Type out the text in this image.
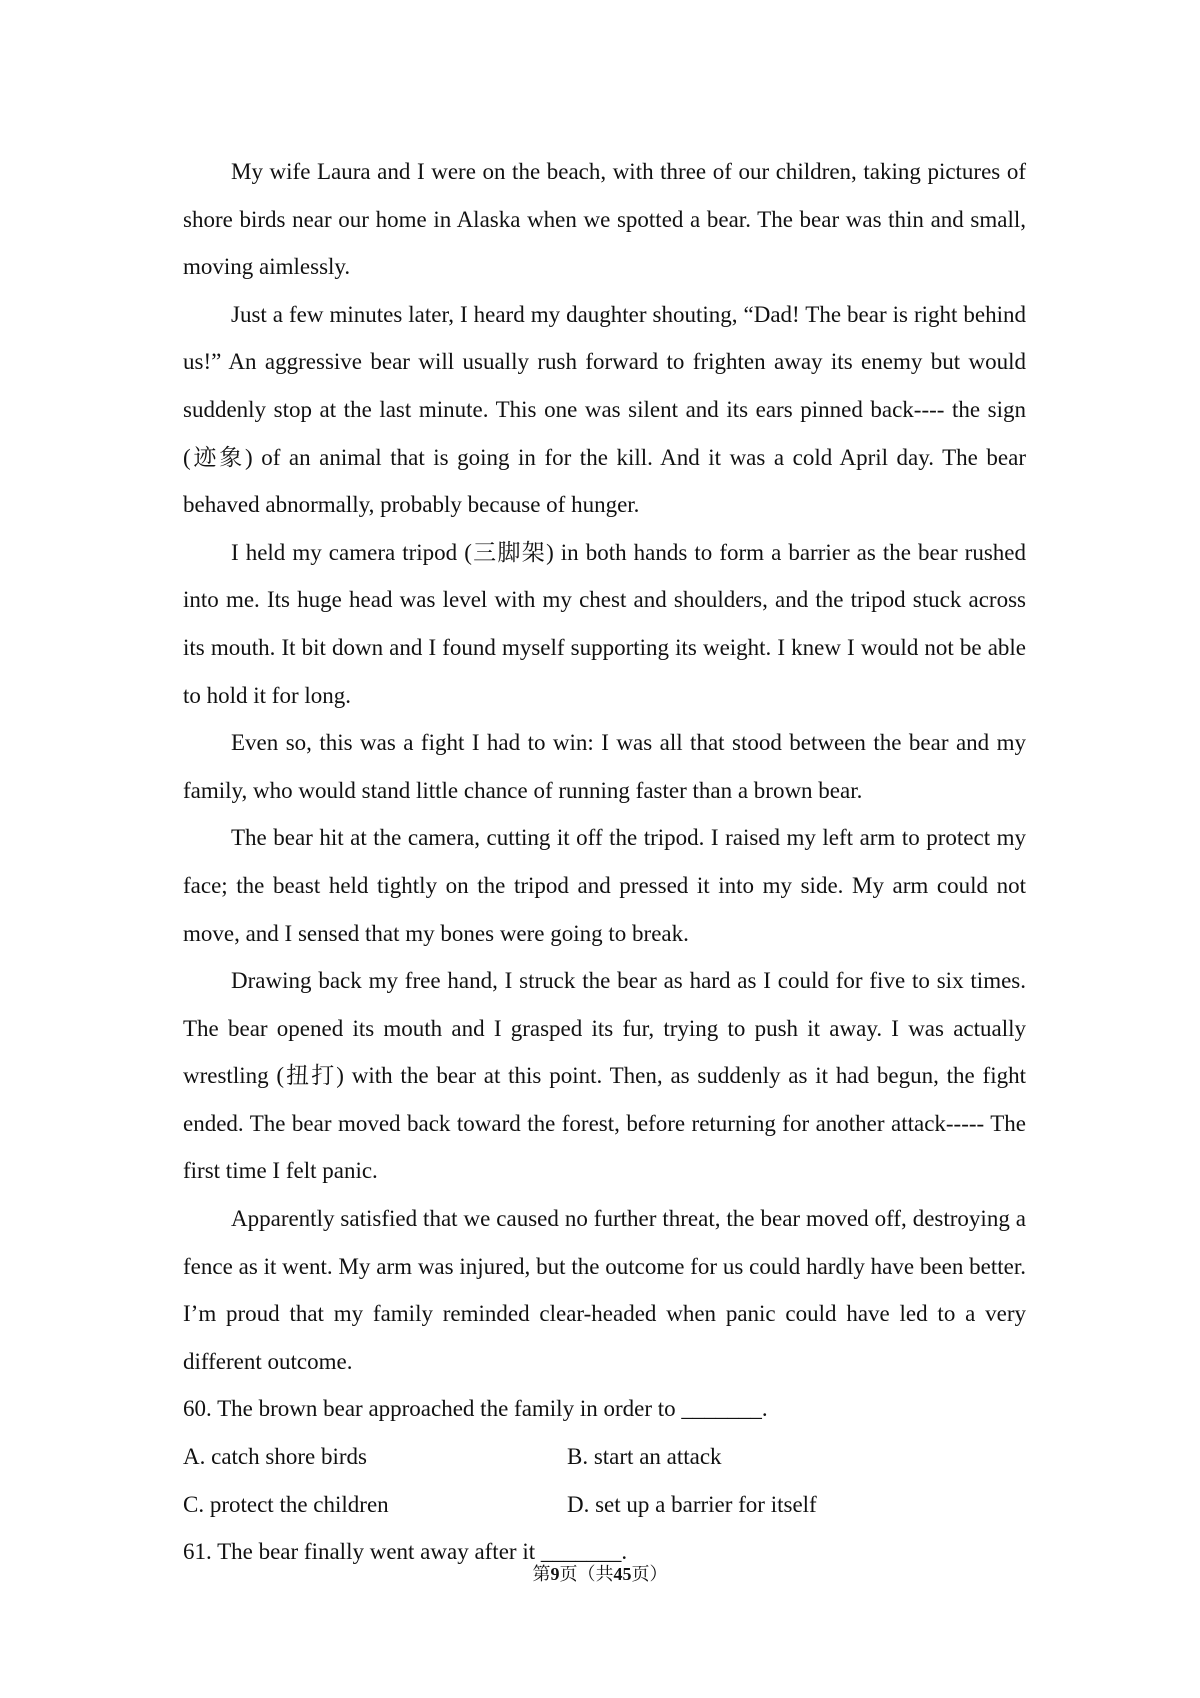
My wife Laura and I were on the beach, with three of our children, taking pictures of shore birds near our home in Alaska when we spotted a bear. The bear was thin and small, moving aimlessly.

Just a few minutes later, I heard my daughter shouting, “Dad! The bear is right behind us!” An aggressive bear will usually rush forward to frighten away its enemy but would suddenly stop at the last minute. This one was silent and its ears pinned back---- the sign (迹象) of an animal that is going in for the kill. And it was a cold April day. The bear behaved abnormally, probably because of hunger.

I held my camera tripod (三脚架) in both hands to form a barrier as the bear rushed into me. Its huge head was level with my chest and shoulders, and the tripod stuck across its mouth. It bit down and I found myself supporting its weight. I knew I would not be able to hold it for long.

Even so, this was a fight I had to win: I was all that stood between the bear and my family, who would stand little chance of running faster than a brown bear.

The bear hit at the camera, cutting it off the tripod. I raised my left arm to protect my face; the beast held tightly on the tripod and pressed it into my side. My arm could not move, and I sensed that my bones were going to break.

Drawing back my free hand, I struck the bear as hard as I could for five to six times. The bear opened its mouth and I grasped its fur, trying to push it away. I was actually wrestling (扭打) with the bear at this point. Then, as suddenly as it had begun, the fight ended. The bear moved back toward the forest, before returning for another attack----- The first time I felt panic.

Apparently satisfied that we caused no further threat, the bear moved off, destroying a fence as it went. My arm was injured, but the outcome for us could hardly have been better. I’m proud that my family reminded clear-headed when panic could have led to a very different outcome.

60. The brown bear approached the family in order to _______.

A. catch shore birds	B. start an attack
C. protect the children	D. set up a barrier for itself

61. The bear finally went away after it _______.

第9页（共45页）
